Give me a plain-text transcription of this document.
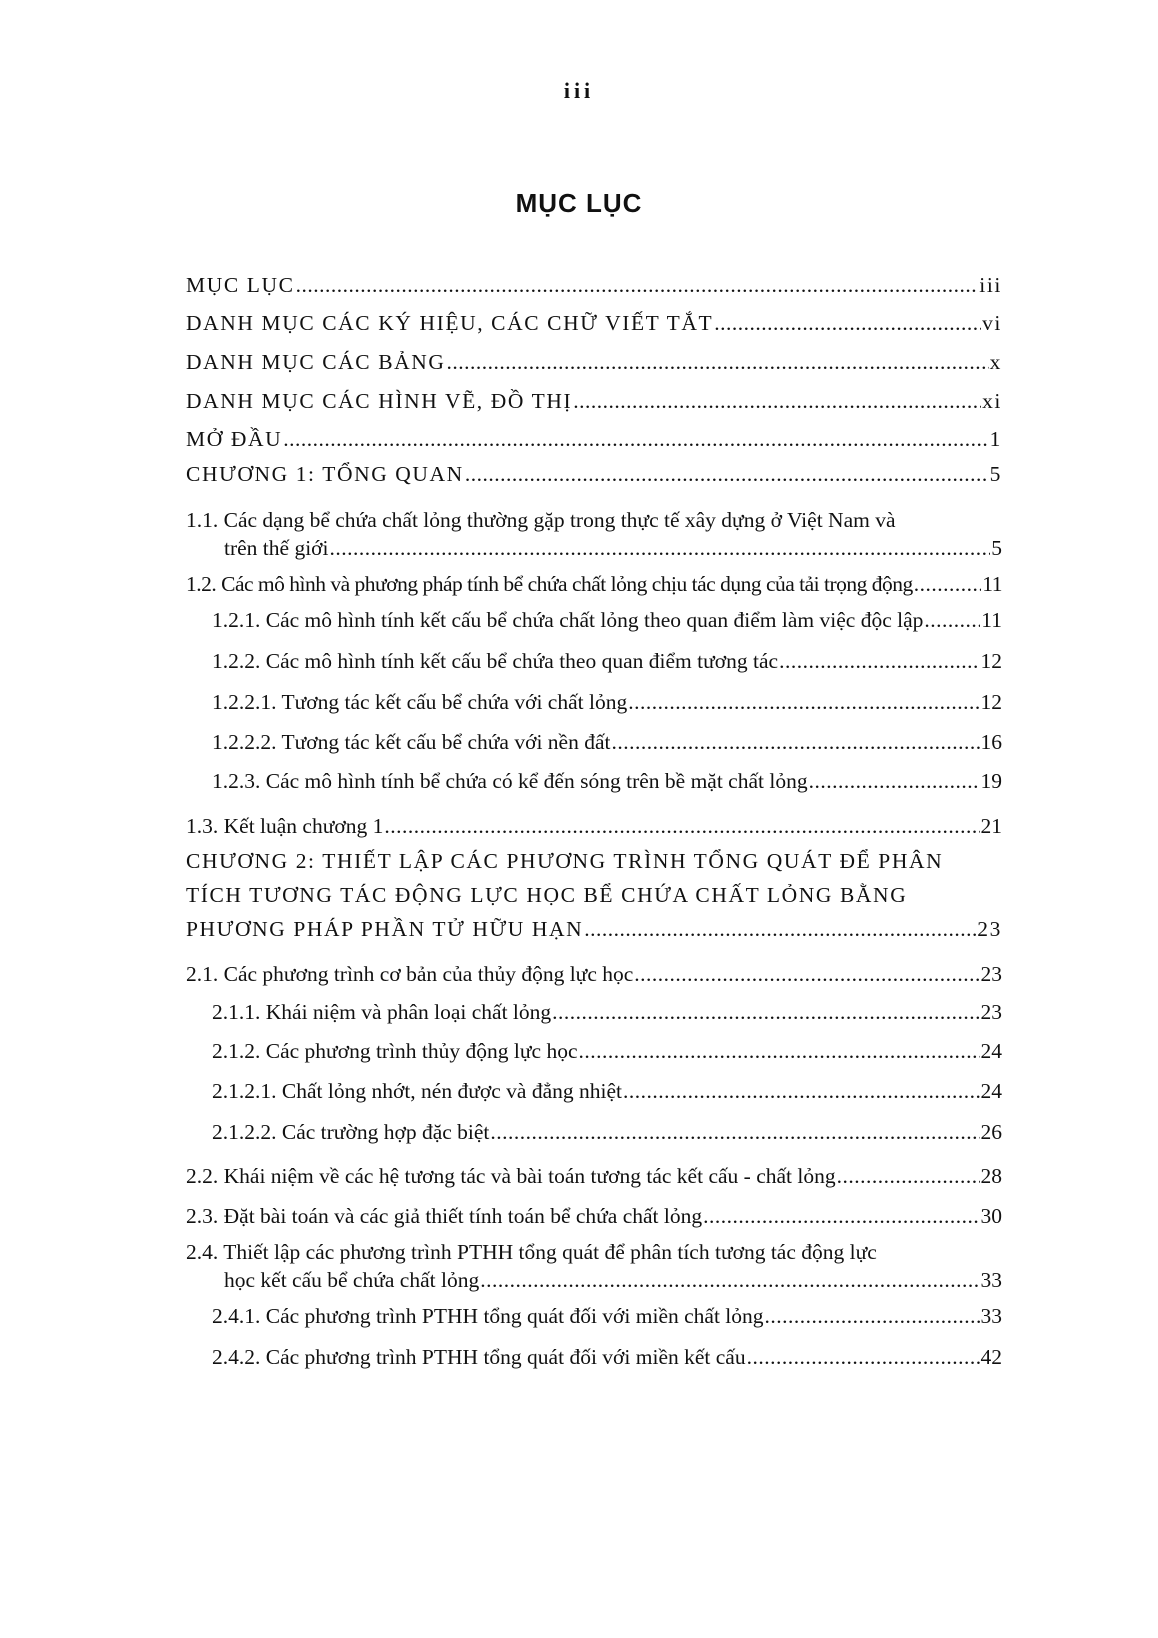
iii
MỤC LỤC
MỤC LỤC .....	iii
DANH MỤC CÁC KÝ HIỆU, CÁC CHỮ VIẾT TẮT .....	vi
DANH MỤC CÁC BẢNG .....	x
DANH MỤC CÁC HÌNH VẼ, ĐỒ THỊ .....	xi
MỞ ĐẦU .....	1
CHƯƠNG 1: TỔNG QUAN .....	5
1.1. Các dạng bể chứa chất lỏng thường gặp trong thực tế xây dựng ở Việt Nam và
trên thế giới .....	5
1.2. Các mô hình và phương pháp tính bể chứa chất lỏng chịu tác dụng của tải trọng động .....	11
1.2.1. Các mô hình tính kết cấu bể chứa chất lỏng theo quan điểm làm việc độc lập .....	11
1.2.2. Các mô hình tính kết cấu bể chứa theo quan điểm tương tác .....	12
1.2.2.1. Tương tác kết cấu bể chứa với chất lỏng .....	12
1.2.2.2. Tương tác kết cấu bể chứa với nền đất .....	16
1.2.3. Các mô hình tính bể chứa có kể đến sóng trên bề mặt chất lỏng .....	19
1.3. Kết luận chương 1 .....	21
CHƯƠNG 2: THIẾT LẬP CÁC PHƯƠNG TRÌNH TỔNG QUÁT ĐỂ PHÂN
TÍCH TƯƠNG TÁC ĐỘNG LỰC HỌC BỂ CHỨA CHẤT LỎNG BẰNG
PHƯƠNG PHÁP PHẦN TỬ HỮU HẠN .....	23
2.1. Các phương trình cơ bản của thủy động lực học .....	23
2.1.1. Khái niệm và phân loại chất lỏng .....	23
2.1.2. Các phương trình thủy động lực học .....	24
2.1.2.1. Chất lỏng nhớt, nén được và đẳng nhiệt .....	24
2.1.2.2. Các trường hợp đặc biệt .....	26
2.2. Khái niệm về các hệ tương tác và bài toán tương tác kết cấu - chất lỏng .....	28
2.3. Đặt bài toán và các giả thiết tính toán bể chứa chất lỏng .....	30
2.4. Thiết lập các phương trình PTHH tổng quát để phân tích tương tác động lực
học kết cấu bể chứa chất lỏng .....	33
2.4.1. Các phương trình PTHH tổng quát đối với miền chất lỏng .....	33
2.4.2. Các phương trình PTHH tổng quát đối với miền kết cấu .....	42
